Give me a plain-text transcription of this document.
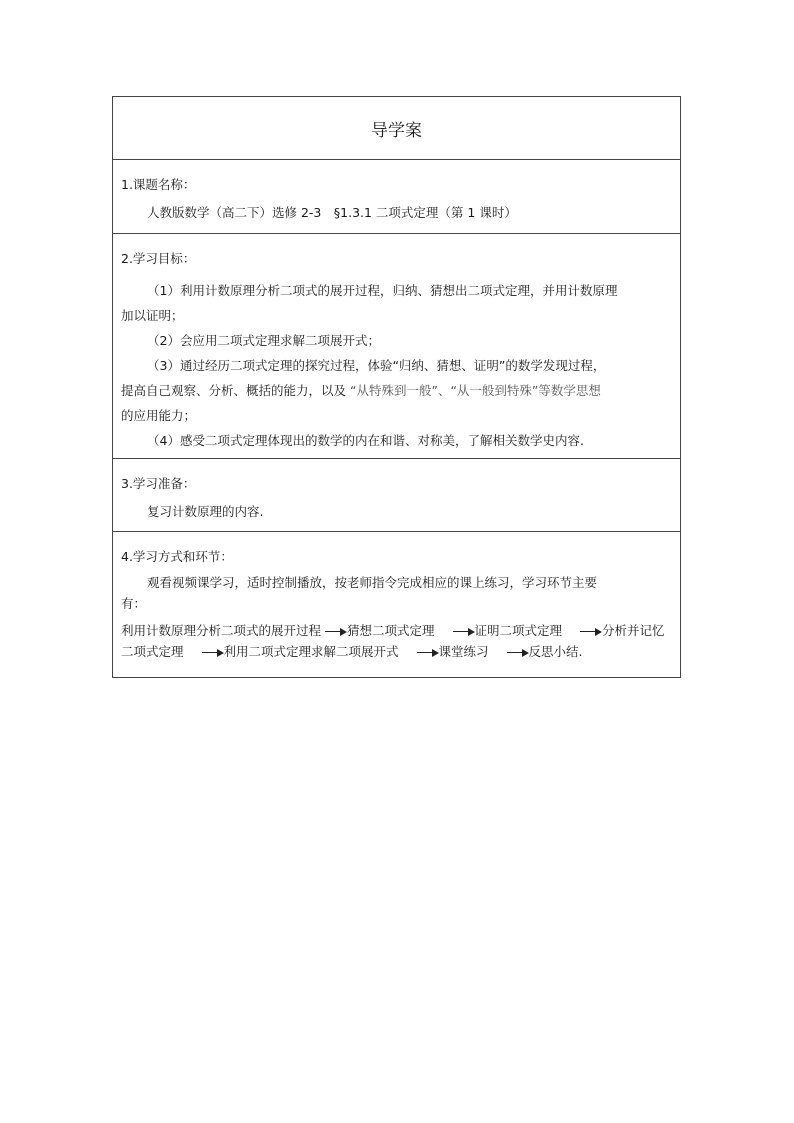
导学案

1.课题名称：
人教版数学（高二下）选修 2-3　§1.3.1 二项式定理（第 1 课时）

2.学习目标：
（1）利用计数原理分析二项式的展开过程，归纳、猜想出二项式定理，并用计数原理
加以证明；
（2）会应用二项式定理求解二项展开式；
（3）通过经历二项式定理的探究过程，体验“归纳、猜想、证明”的数学发现过程，
提高自己观察、分析、概括的能力，以及 “从特殊到一般”、“从一般到特殊”等数学思想
的应用能力；
（4）感受二项式定理体现出的数学的内在和谐、对称美，了解相关数学史内容.

3.学习准备：
复习计数原理的内容.

4.学习方式和环节：
观看视频课学习，适时控制播放，按老师指令完成相应的课上练习，学习环节主要
有：
利用计数原理分析二项式的展开过程 猜想二项式定理	证明二项式定理	分析并记忆二项式定理	利用二项式定理求解二项展开式	课堂练习	反思小结.
